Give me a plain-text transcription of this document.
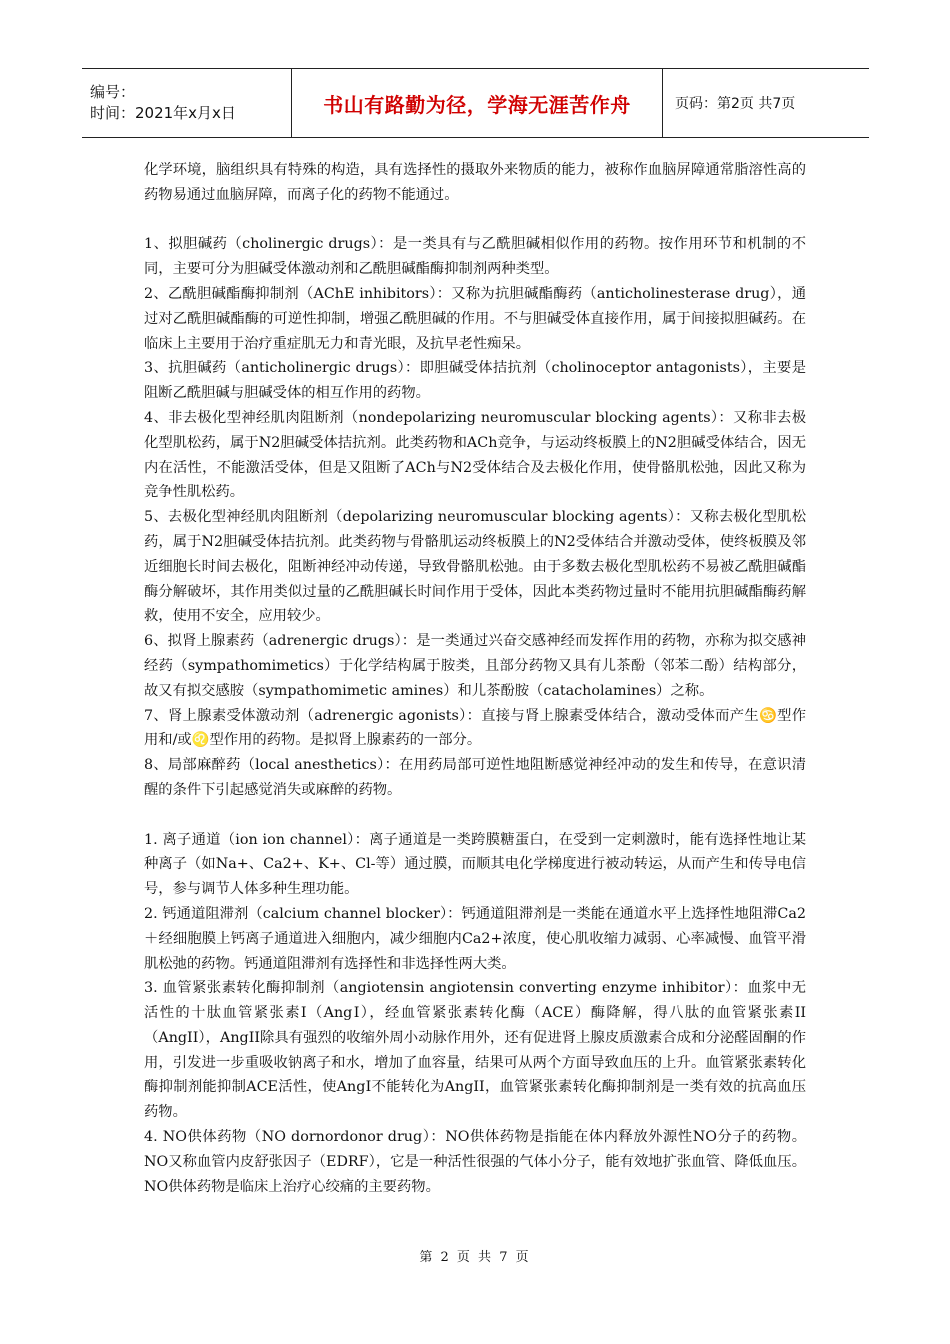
编号：
时间：2021年x月x日	书山有路勤为径，学海无涯苦作舟	页码：第2页 共7页

化学环境，脑组织具有特殊的构造，具有选择性的摄取外来物质的能力，被称作血脑屏障通常脂溶性高的药物易通过血脑屏障，而离子化的药物不能通过。

1、拟胆碱药（cholinergic drugs）：是一类具有与乙酰胆碱相似作用的药物。按作用环节和机制的不同，主要可分为胆碱受体激动剂和乙酰胆碱酯酶抑制剂两种类型。

2、乙酰胆碱酯酶抑制剂（AChE inhibitors）：又称为抗胆碱酯酶药（anticholinesterase drug），通过对乙酰胆碱酯酶的可逆性抑制，增强乙酰胆碱的作用。不与胆碱受体直接作用，属于间接拟胆碱药。在临床上主要用于治疗重症肌无力和青光眼，及抗早老性痴呆。

3、抗胆碱药（anticholinergic drugs）：即胆碱受体拮抗剂（cholinoceptor antagonists），主要是阻断乙酰胆碱与胆碱受体的相互作用的药物。

4、非去极化型神经肌肉阻断剂（nondepolarizing neuromuscular blocking agents）：又称非去极化型肌松药，属于N2胆碱受体拮抗剂。此类药物和ACh竞争，与运动终板膜上的N2胆碱受体结合，因无内在活性，不能激活受体，但是又阻断了ACh与N2受体结合及去极化作用，使骨骼肌松弛，因此又称为竞争性肌松药。

5、去极化型神经肌肉阻断剂（depolarizing neuromuscular blocking agents）：又称去极化型肌松药，属于N2胆碱受体拮抗剂。此类药物与骨骼肌运动终板膜上的N2受体结合并激动受体，使终板膜及邻近细胞长时间去极化，阻断神经冲动传递，导致骨骼肌松弛。由于多数去极化型肌松药不易被乙酰胆碱酯酶分解破坏，其作用类似过量的乙酰胆碱长时间作用于受体，因此本类药物过量时不能用抗胆碱酯酶药解救，使用不安全，应用较少。

6、拟肾上腺素药（adrenergic drugs）：是一类通过兴奋交感神经而发挥作用的药物，亦称为拟交感神经药（sympathomimetics）于化学结构属于胺类，且部分药物又具有儿茶酚（邻苯二酚）结构部分，故又有拟交感胺（sympathomimetic amines）和儿茶酚胺（catacholamines）之称。

7、肾上腺素受体激动剂（adrenergic agonists）：直接与肾上腺素受体结合，激动受体而产生♋型作用和/或♌型作用的药物。是拟肾上腺素药的一部分。

8、局部麻醉药（local anesthetics）：在用药局部可逆性地阻断感觉神经冲动的发生和传导，在意识清醒的条件下引起感觉消失或麻醉的药物。

1. 离子通道（ion ion channel）：离子通道是一类跨膜糖蛋白，在受到一定刺激时，能有选择性地让某种离子（如Na+、Ca2+、K+、Cl-等）通过膜，而顺其电化学梯度进行被动转运，从而产生和传导电信号，参与调节人体多种生理功能。

2. 钙通道阻滞剂（calcium channel blocker）：钙通道阻滞剂是一类能在通道水平上选择性地阻滞Ca2＋经细胞膜上钙离子通道进入细胞内，减少细胞内Ca2+浓度，使心肌收缩力减弱、心率减慢、血管平滑肌松弛的药物。钙通道阻滞剂有选择性和非选择性两大类。

3. 血管紧张素转化酶抑制剂（angiotensin angiotensin converting enzyme inhibitor）：血浆中无活性的十肽血管紧张素Ⅰ（AngⅠ），经血管紧张素转化酶（ACE）酶降解，得八肽的血管紧张素II（AngII），AngII除具有强烈的收缩外周小动脉作用外，还有促进肾上腺皮质激素合成和分泌醛固酮的作用，引发进一步重吸收钠离子和水，增加了血容量，结果可从两个方面导致血压的上升。血管紧张素转化酶抑制剂能抑制ACE活性，使AngⅠ不能转化为AngII，血管紧张素转化酶抑制剂是一类有效的抗高血压药物。

4. NO供体药物（NO dornordonor drug）：NO供体药物是指能在体内释放外源性NO分子的药物。NO又称血管内皮舒张因子（EDRF），它是一种活性很强的气体小分子，能有效地扩张血管、降低血压。NO供体药物是临床上治疗心绞痛的主要药物。

第 2 页 共 7 页
